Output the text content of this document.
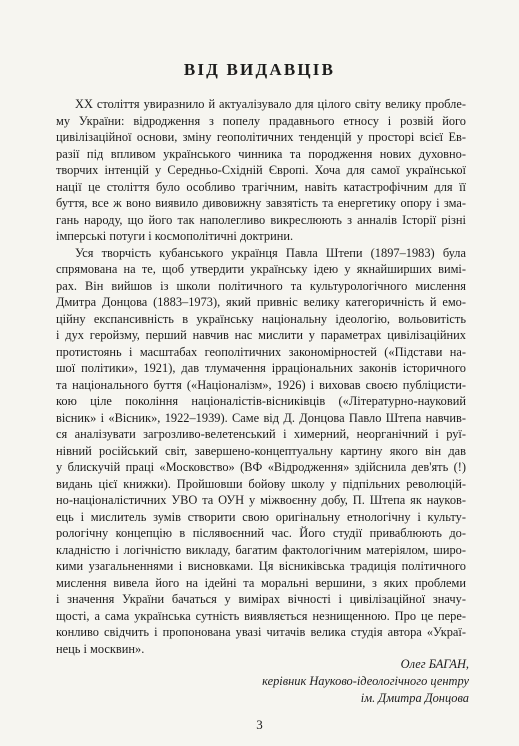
ВІД ВИДАВЦІВ
XX століття увиразнило й актуалізувало для цілого світу велику пробле-
му України: відродження з попелу прадавнього етносу і розвій його
цивілізаційної основи, зміну геополітичних тенденцій у просторі всієї Ев-
разії під впливом українського чинника та породження нових духовно-
творчих інтенцій у Середньо-Східній Європі. Хоча для самої української
нації це століття було особливо трагічним, навіть катастрофічним для її
буття, все ж воно виявило дивовижну завзятість та енергетику опору і зма-
гань народу, що його так наполегливо викреслюють з анналів Історії різні
імперські потуги і космополітичні доктрини.
Уся творчість кубанського українця Павла Штепи (1897–1983) була
спрямована на те, щоб утвердити українську ідею у якнайширших вимі-
рах. Він вийшов із школи політичного та культурологічного мислення
Дмитра Донцова (1883–1973), який привніс велику категоричність й емо-
ційну експансивність в українську національну ідеологію, вольовитість
і дух геройзму, перший навчив нас мислити у параметрах цивілізаційних
протистоянь і масштабах геополітичних закономірностей («Підстави на-
шої політики», 1921), дав тлумачення ірраціональних законів історичного
та національного буття («Націоналізм», 1926) і виховав своєю публіцисти-
кою ціле покоління націоналістів-вісниківців («Літературно-науковий
вісник» і «Вісник», 1922–1939). Саме від Д. Донцова Павло Штепа навчив-
ся аналізувати загрозливо-велетенський і химерний, неорганічний і руї-
нівний російський світ, завершено-концептуальну картину якого він дав
у блискучій праці «Московство» (ВФ «Відродження» здійснила дев'ять (!)
видань цієї книжки). Пройшовши бойову школу у підпільних революцій-
но-націоналістичних УВО та ОУН у міжвоєнну добу, П. Штепа як науков-
ець і мислитель зумів створити свою оригінальну етнологічну і культу-
рологічну концепцію в післявоєнний час. Його студії приваблюють до-
кладністю і логічністю викладу, багатим фактологічним матеріялом, широ-
кими узагальненнями і висновками. Ця вісниківська традиція політичного
мислення вивела його на ідейні та моральні вершини, з яких проблеми
і значення України бачаться у вимірах вічності і цивілізаційної значу-
щості, а сама українська сутність виявляється незнищенною. Про це пере-
конливо свідчить і пропонована увазі читачів велика студія автора «Украї-
нець і москвин».
Олег БАГАН,
керівник Науково-ідеологічного центру
ім. Дмитра Донцова
3
